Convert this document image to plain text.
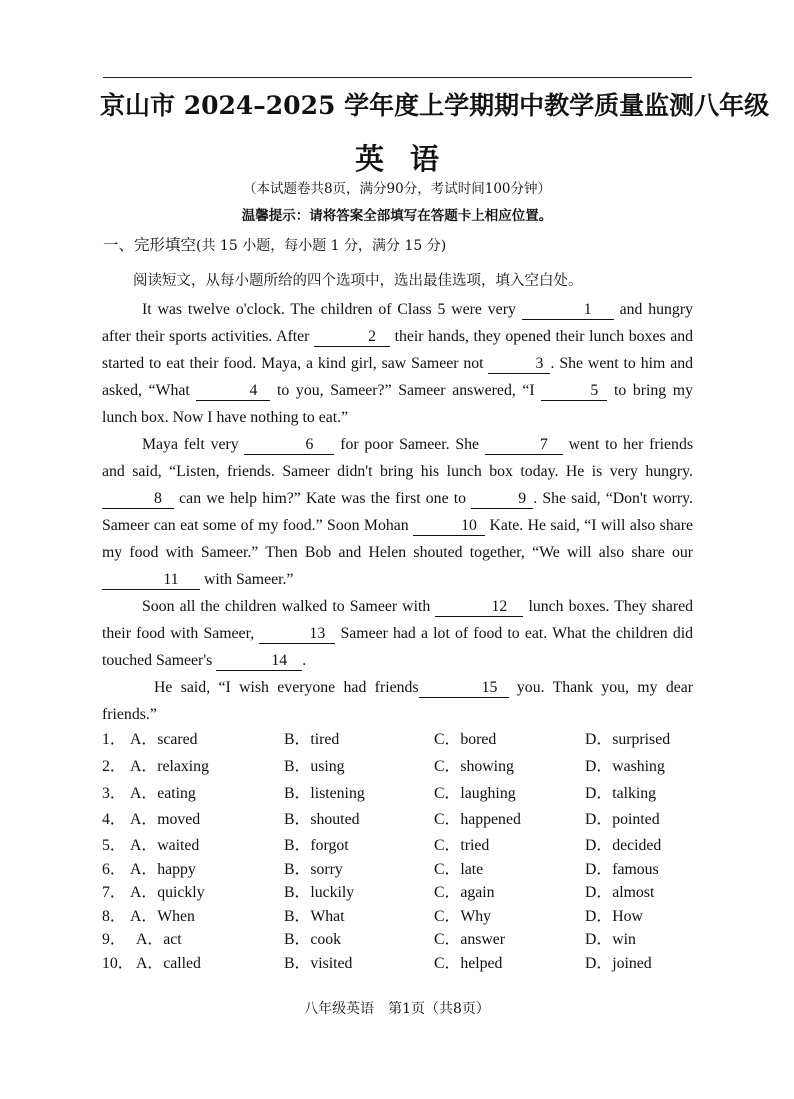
京山市 2024–2025 学年度上学期期中教学质量监测八年级
英语
（本试题卷共8页，满分90分，考试时间100分钟）
温馨提示：请将答案全部填写在答题卡上相应位置。
一、完形填空(共 15 小题，每小题 1 分，满分 15 分)
阅读短文，从每小题所给的四个选项中，选出最佳选项，填入空白处。

It was twelve o'clock. The children of Class 5 were very	1 and hungry after their sports activities. After	2 their hands, they opened their lunch boxes and started to eat their food. Maya, a kind girl, saw Sameer not	3 . She went to him and asked, “What	4 to you, Sameer?” Sameer answered, “I	5 to bring my lunch box. Now I have nothing to eat.”

Maya felt very	6 for poor Sameer. She	7 went to her friends and said, “Listen, friends. Sameer didn't bring his lunch box today. He is very hungry. 8 can we help him?” Kate was the first one to	9 . She said, “Don't worry. Sameer can eat some of my food.” Soon Mohan	10 Kate. He said, “I will also share my food with Sameer.” Then Bob and Helen shouted together, “We will also share our11 with Sameer.”

Soon all the children walked to Sameer with	12 lunch boxes. They shared their food with Sameer,	13 Sameer had a lot of food to eat. What the children did touched Sameer's	14 .

He said, “I wish everyone had friends	15 you. Thank you, my dear friends.”

1． A．scared	B．tired	C．bored	D．surprised
2． A．relaxing	B．using	C．showing	D．washing
3． A．eating	B．listening	C．laughing	D．talking
4． A．moved	B．shouted	C．happened	D．pointed
5． A．waited	B．forgot	C．tried	D．decided
6． A．happy	B．sorry	C．late	D．famous
7． A．quickly	B．luckily	C．again	D．almost
8． A．When	B．What	C．Why	D．How
9． A．act	B．cook	C．answer	D．win
10． A．called	B．visited	C．helped	D．joined
八年级英语　第1页（共8页）
